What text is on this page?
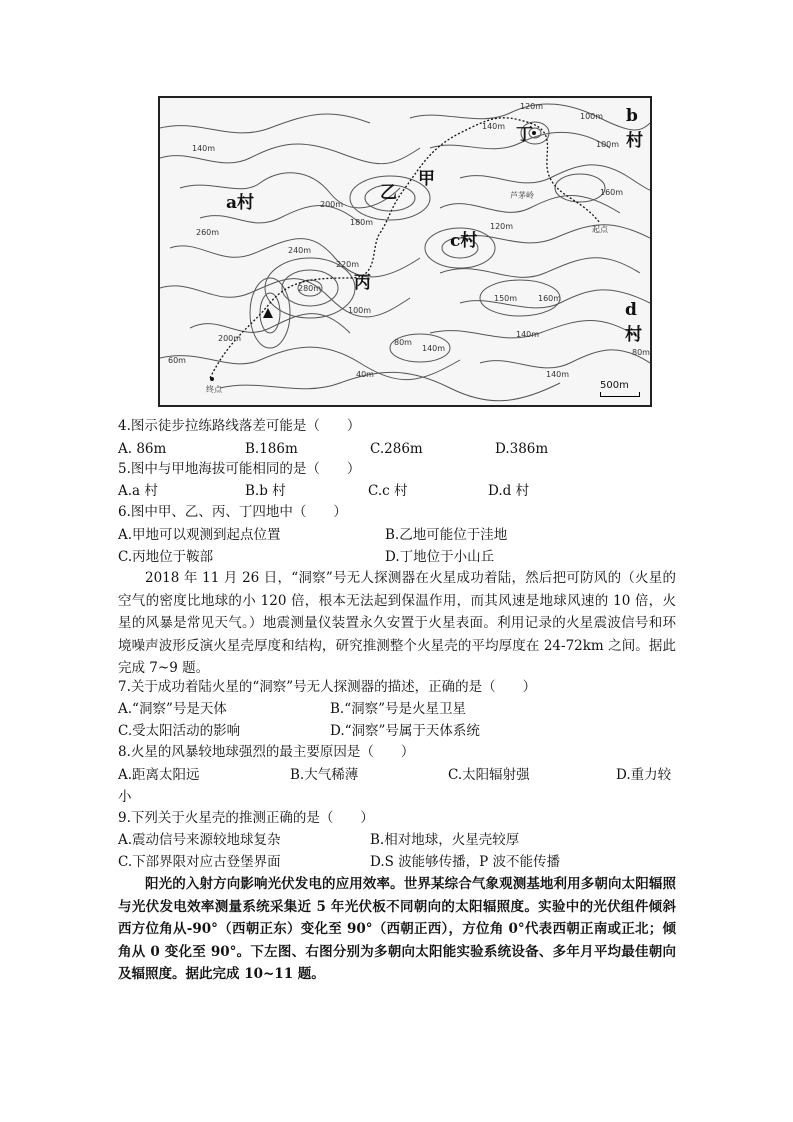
a村
b村
c村
d村
甲
乙
丙
丁
120m
100m
140m
140m
160m
200m
180m
240m
260m
280m
220m
200m
140m
80m
60m
40m
100m
120m
150m
140m
160m
100m
80m
140m
起点
终点
芦茅岭
500m
4.图示徒步拉练路线落差可能是（　　）
A. 86m	B.186m	C.286m	D.386m
5.图中与甲地海拔可能相同的是（　　）
A.a 村	B.b 村	C.c 村	D.d 村
6.图中甲、乙、丙、丁四地中（　　）
A.甲地可以观测到起点位置	B.乙地可能位于洼地
C.丙地位于鞍部	D.丁地位于小山丘
2018 年 11 月 26 日，“洞察”号无人探测器在火星成功着陆，然后把可防风的（火星的空气的密度比地球的小 120 倍，根本无法起到保温作用，而其风速是地球风速的 10 倍，火星的风暴是常见天气。）地震测量仪装置永久安置于火星表面。利用记录的火星震波信号和环境噪声波形反演火星壳厚度和结构，研究推测整个火星壳的平均厚度在 24-72km 之间。据此完成 7~9 题。
7.关于成功着陆火星的“洞察”号无人探测器的描述，正确的是（　　）
A.“洞察”号是天体	B.“洞察”号是火星卫星
C.受太阳活动的影响	D.“洞察”号属于天体系统
8.火星的风暴较地球强烈的最主要原因是（　　）
A.距离太阳远	B.大气稀薄	C.太阳辐射强	D.重力较
小
9.下列关于火星壳的推测正确的是（　　）
A.震动信号来源较地球复杂	B.相对地球，火星壳较厚
C.下部界限对应古登堡界面	D.S 波能够传播，P 波不能传播
阳光的入射方向影响光伏发电的应用效率。世界某综合气象观测基地利用多朝向太阳辐照与光伏发电效率测量系统采集近 5 年光伏板不同朝向的太阳辐照度。实验中的光伏组件倾斜西方位角从-90°（西朝正东）变化至 90°（西朝正西），方位角 0°代表西朝正南或正北；倾角从 0 变化至 90°。下左图、右图分别为多朝向太阳能实验系统设备、多年月平均最佳朝向及辐照度。据此完成 10~11 题。
